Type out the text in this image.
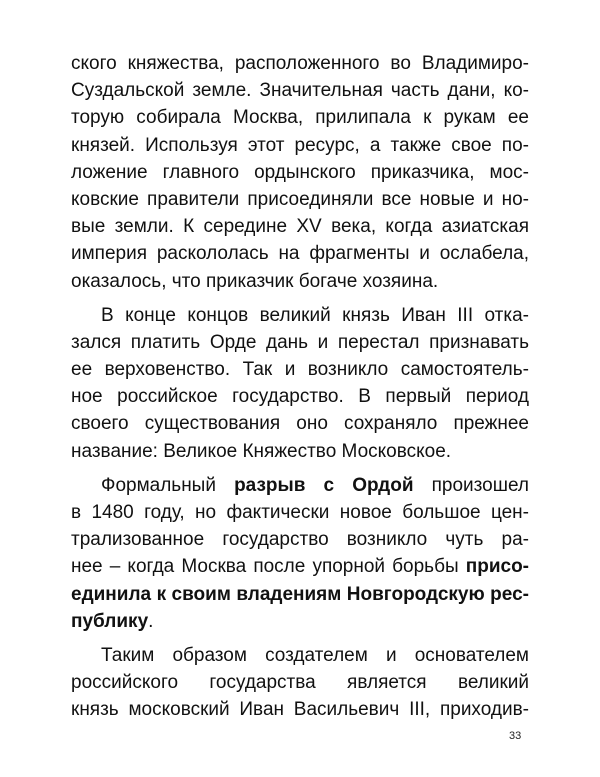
ского княжества, расположенного во Владимиро-
Суздальской земле. Значительная часть дани, ко-
торую собирала Москва, прилипала к рукам ее
князей. Используя этот ресурс, а также свое по-
ложение главного ордынского приказчика, мос-
ковские правители присоединяли все новые и но-
вые земли. К середине XV века, когда азиатская
империя раскололась на фрагменты и ослабела,
оказалось, что приказчик богаче хозяина.
В конце концов великий князь Иван III отка-
зался платить Орде дань и перестал признавать
ее верховенство. Так и возникло самостоятель-
ное российское государство. В первый период
своего существования оно сохраняло прежнее
название: Великое Княжество Московское.
Формальный разрыв с Ордой произошел
в 1480 году, но фактически новое большое цен-
трализованное государство возникло чуть ра-
нее – когда Москва после упорной борьбы присо-
единила к своим владениям Новгородскую рес-
публику.
Таким образом создателем и основателем
российского государства является великий
князь московский Иван Васильевич III, приходив-
33
